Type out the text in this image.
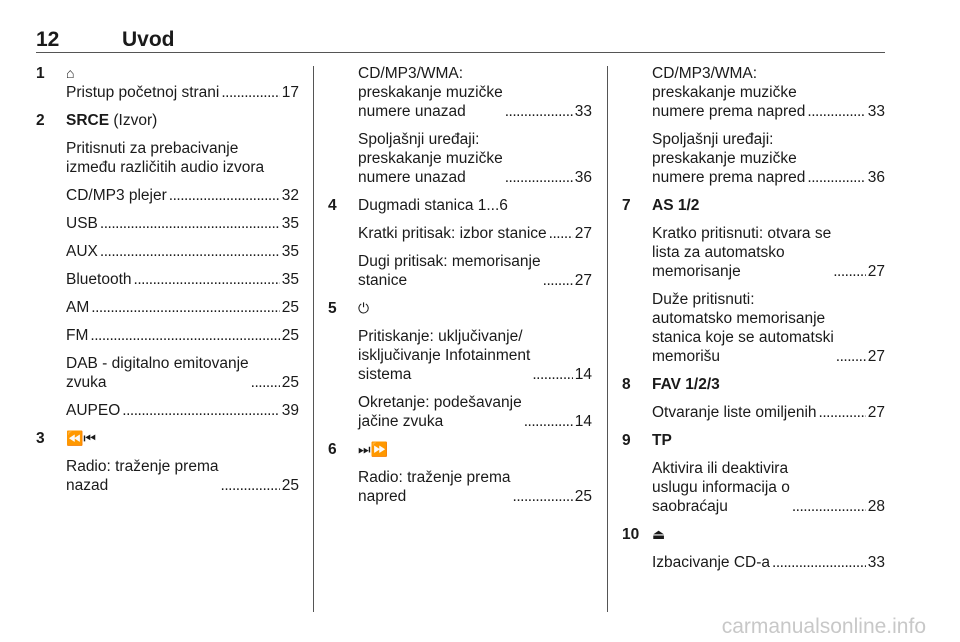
12	Uvod
1	⌂
Pristup početnoj strani . . .	17
2 SRCE (Izvor)
Pritisnuti za prebacivanje
između različitih audio izvora
CD/MP3 plejer . . .	32
USB . . .	35
AUX . . .	35
Bluetooth . . .	35
AM . . .	25
FM . . .	25
DAB - digitalno emitovanje
zvuka . . .	25
AUPEO . . .	39
3	⏪⏮
Radio: traženje prema
nazad . . .	25
CD/MP3/WMA:
preskakanje muzičke
numere unazad . . .	33
Spoljašnji uređaji:
preskakanje muzičke
numere unazad . . .	36
4 Dugmadi stanica 1...6
Kratki pritisak: izbor stanice . . . 27
Dugi pritisak: memorisanje
stanice . . .	27
5	⏻
Pritiskanje: uključivanje/
isključivanje Infotainment
sistema . . .	14
Okretanje: podešavanje
jačine zvuka . . .	14
6	⏭⏩
Radio: traženje prema
napred . . .	25
CD/MP3/WMA:
preskakanje muzičke
numere prema napred . . .	33
Spoljašnji uređaji:
preskakanje muzičke
numere prema napred . . .	36
7 AS 1/2
Kratko pritisnuti: otvara se
lista za automatsko
memorisanje . . .	27
Duže pritisnuti:
automatsko memorisanje
stanica koje se automatski
memorišu . . .	27
8 FAV 1/2/3
Otvaranje liste omiljenih . . .	27
9 TP
Aktivira ili deaktivira
uslugu informacija o
saobraćaju . . .	28
10 ⏏
Izbacivanje CD-a . . .	33
carmanualsonline.info
